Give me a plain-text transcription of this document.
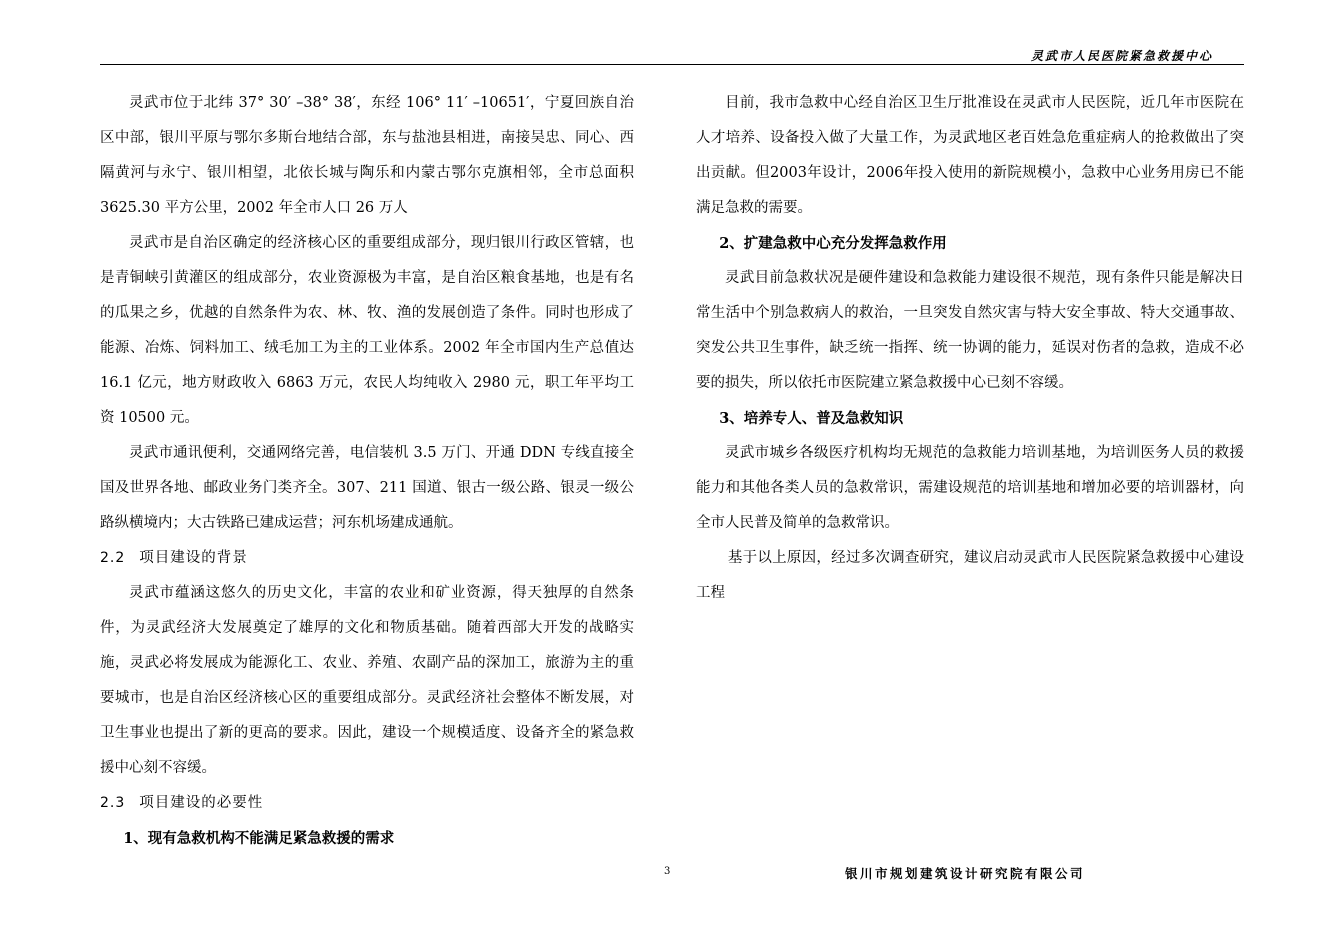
灵武市人民医院紧急救援中心

灵武市位于北纬 37° 30′ –38° 38′，东经 106° 11′ –10651′，宁夏回族自治区中部，银川平原与鄂尔多斯台地结合部，东与盐池县相进，南接吴忠、同心、西隔黄河与永宁、银川相望，北依长城与陶乐和内蒙古鄂尔克旗相邻，全市总面积 3625.30 平方公里，2002 年全市人口 26 万人

灵武市是自治区确定的经济核心区的重要组成部分，现归银川行政区管辖，也是青铜峡引黄灌区的组成部分，农业资源极为丰富，是自治区粮食基地，也是有名的瓜果之乡，优越的自然条件为农、林、牧、渔的发展创造了条件。同时也形成了能源、冶炼、饲料加工、绒毛加工为主的工业体系。2002 年全市国内生产总值达 16.1 亿元，地方财政收入 6863 万元，农民人均纯收入 2980 元，职工年平均工资 10500 元。

灵武市通讯便利，交通网络完善，电信装机 3.5 万门、开通 DDN 专线直接全国及世界各地、邮政业务门类齐全。307、211 国道、银古一级公路、银灵一级公路纵横境内；大古铁路已建成运营；河东机场建成通航。

2.2 项目建设的背景

灵武市蕴涵这悠久的历史文化，丰富的农业和矿业资源，得天独厚的自然条件，为灵武经济大发展奠定了雄厚的文化和物质基础。随着西部大开发的战略实施，灵武必将发展成为能源化工、农业、养殖、农副产品的深加工，旅游为主的重要城市，也是自治区经济核心区的重要组成部分。灵武经济社会整体不断发展，对卫生事业也提出了新的更高的要求。因此，建设一个规模适度、设备齐全的紧急救援中心刻不容缓。

2.3 项目建设的必要性
1、现有急救机构不能满足紧急救援的需求

目前，我市急救中心经自治区卫生厅批准设在灵武市人民医院，近几年市医院在人才培养、设备投入做了大量工作，为灵武地区老百姓急危重症病人的抢救做出了突出贡献。但2003年设计，2006年投入使用的新院规模小，急救中心业务用房已不能满足急救的需要。

2、扩建急救中心充分发挥急救作用

灵武目前急救状况是硬件建设和急救能力建设很不规范，现有条件只能是解决日常生活中个别急救病人的救治，一旦突发自然灾害与特大安全事故、特大交通事故、突发公共卫生事件，缺乏统一指挥、统一协调的能力，延误对伤者的急救，造成不必要的损失，所以依托市医院建立紧急救援中心已刻不容缓。

3、培养专人、普及急救知识

灵武市城乡各级医疗机构均无规范的急救能力培训基地，为培训医务人员的救援能力和其他各类人员的急救常识，需建设规范的培训基地和增加必要的培训器材，向全市人民普及简单的急救常识。

基于以上原因，经过多次调查研究，建议启动灵武市人民医院紧急救援中心建设工程

3	银川市规划建筑设计研究院有限公司
